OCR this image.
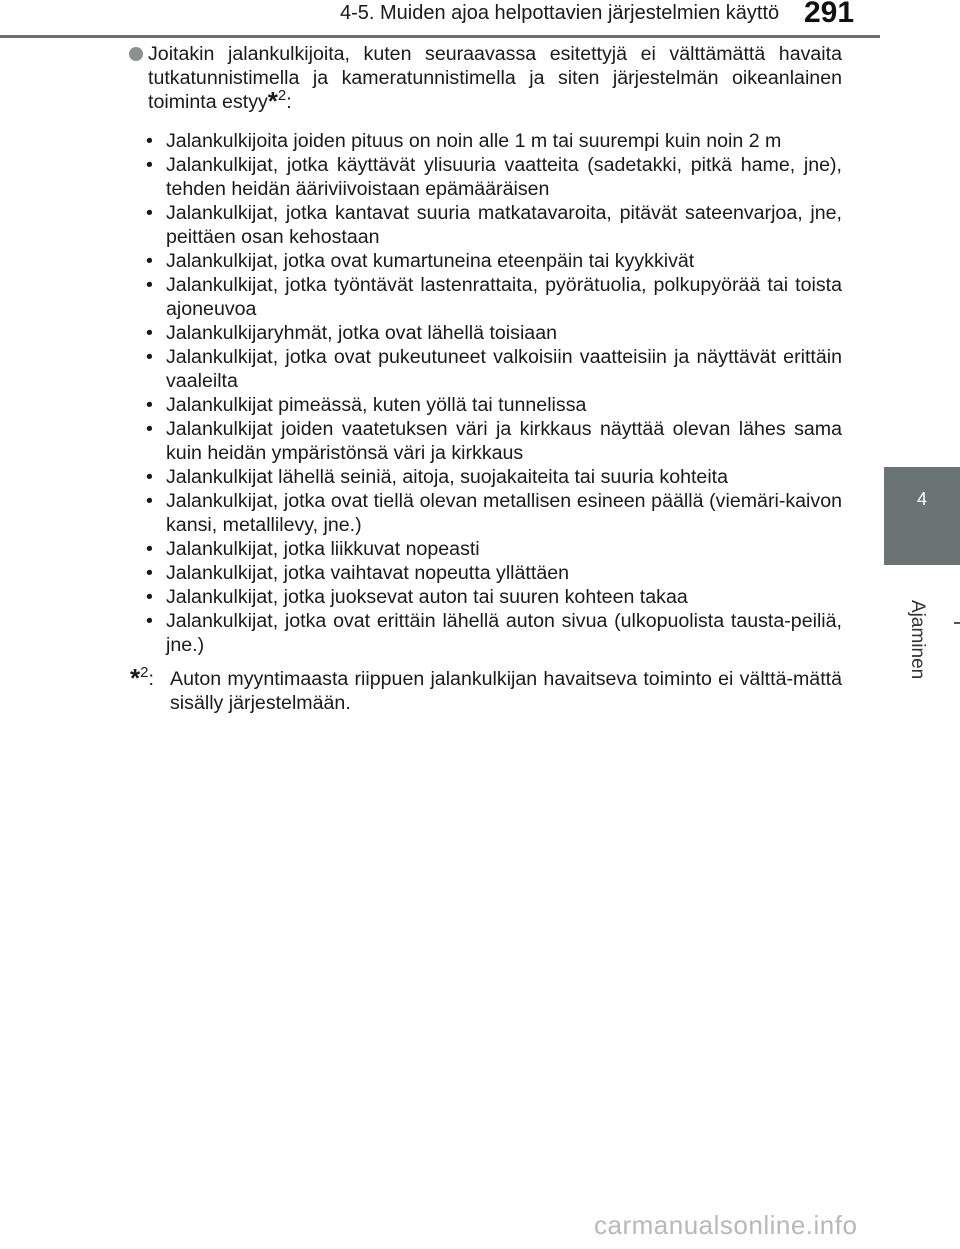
4-5. Muiden ajoa helpottavien järjestelmien käyttö 291
4
Ajaminen
Joitakin jalankulkijoita, kuten seuraavassa esitettyjä ei välttämättä havaita tutkatunnistimella ja kameratunnistimella ja siten järjestelmän oikeanlainen toiminta estyy*$^2$:
• Jalankulkijoita joiden pituus on noin alle 1 m tai suurempi kuin noin 2 m
• Jalankulkijat, jotka käyttävät ylisuuria vaatteita (sadetakki, pitkä hame, jne), tehden heidän ääriviivoistaan epämääräisen
• Jalankulkijat, jotka kantavat suuria matkatavaroita, pitävät sateenvarjoa, jne, peittäen osan kehostaan
• Jalankulkijat, jotka ovat kumartuneina eteenpäin tai kyykkivät
• Jalankulkijat, jotka työntävät lastenrattaita, pyörätuolia, polkupyörää tai toista ajoneuvoa
• Jalankulkijaryhmät, jotka ovat lähellä toisiaan
• Jalankulkijat, jotka ovat pukeutuneet valkoisiin vaatteisiin ja näyttävät erittäin vaaleilta
• Jalankulkijat pimeässä, kuten yöllä tai tunnelissa
• Jalankulkijat joiden vaatetuksen väri ja kirkkaus näyttää olevan lähes sama kuin heidän ympäristönsä väri ja kirkkaus
• Jalankulkijat lähellä seiniä, aitoja, suojakaiteita tai suuria kohteita
• Jalankulkijat, jotka ovat tiellä olevan metallisen esineen päällä (viemäri-kaivon kansi, metallilevy, jne.)
• Jalankulkijat, jotka liikkuvat nopeasti
• Jalankulkijat, jotka vaihtavat nopeutta yllättäen
• Jalankulkijat, jotka juoksevat auton tai suuren kohteen takaa
• Jalankulkijat, jotka ovat erittäin lähellä auton sivua (ulkopuolista tausta-peiliä, jne.)
*$^2$: Auton myyntimaasta riippuen jalankulkijan havaitseva toiminto ei välttä-mättä sisälly järjestelmään.
carmanualsonline.info
